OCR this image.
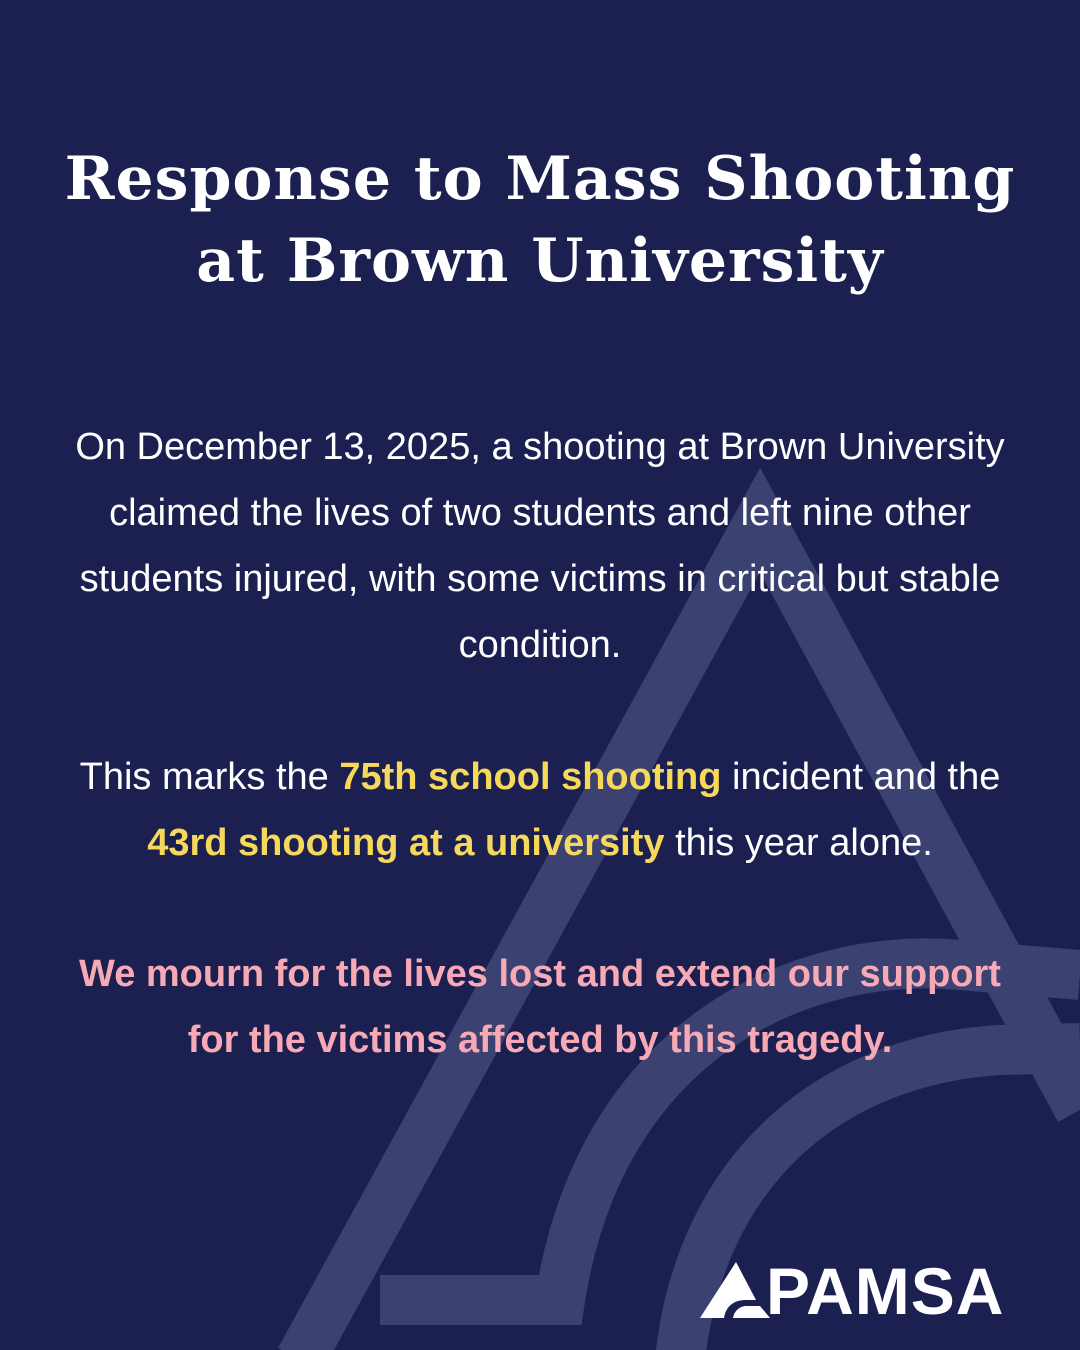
Response to Mass Shooting
at Brown University

On December 13, 2025, a shooting at Brown University claimed the lives of two students and left nine other students injured, with some victims in critical but stable condition.

This marks the 75th school shooting incident and the 43rd shooting at a university this year alone.

We mourn for the lives lost and extend our support for the victims affected by this tragedy.

PAMSA
